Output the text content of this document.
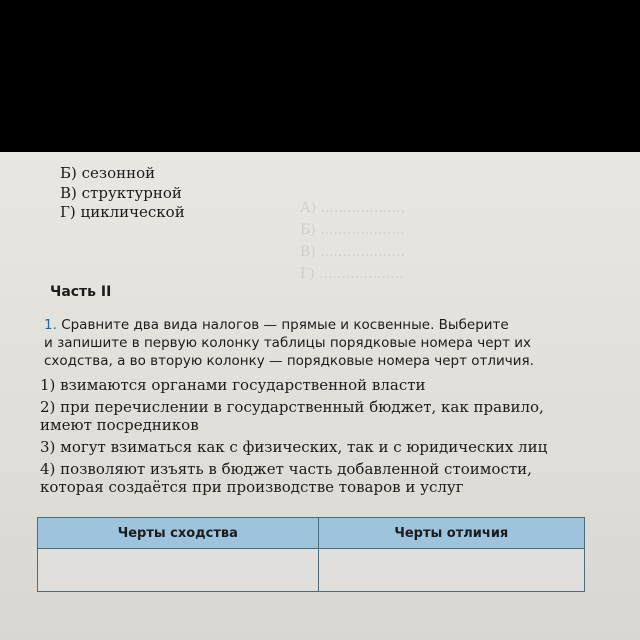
А) ...................
Б) ...................
В) ...................
Г) ...................

Б) сезонной
В) структурной
Г) циклической
Часть II
1. Сравните два вида налогов — прямые и косвенные. Выберите
и запишите в первую колонку таблицы порядковые номера черт их
сходства, а во вторую колонку — порядковые номера черт отличия.
1) взимаются органами государственной власти
2) при перечислении в государственный бюджет, как правило,
имеют посредников
3) могут взиматься как с физических, так и с юридических лиц
4) позволяют изъять в бюджет часть добавленной стоимости,
которая создаётся при производстве товаров и услуг
Черты сходства	Черты отличия
